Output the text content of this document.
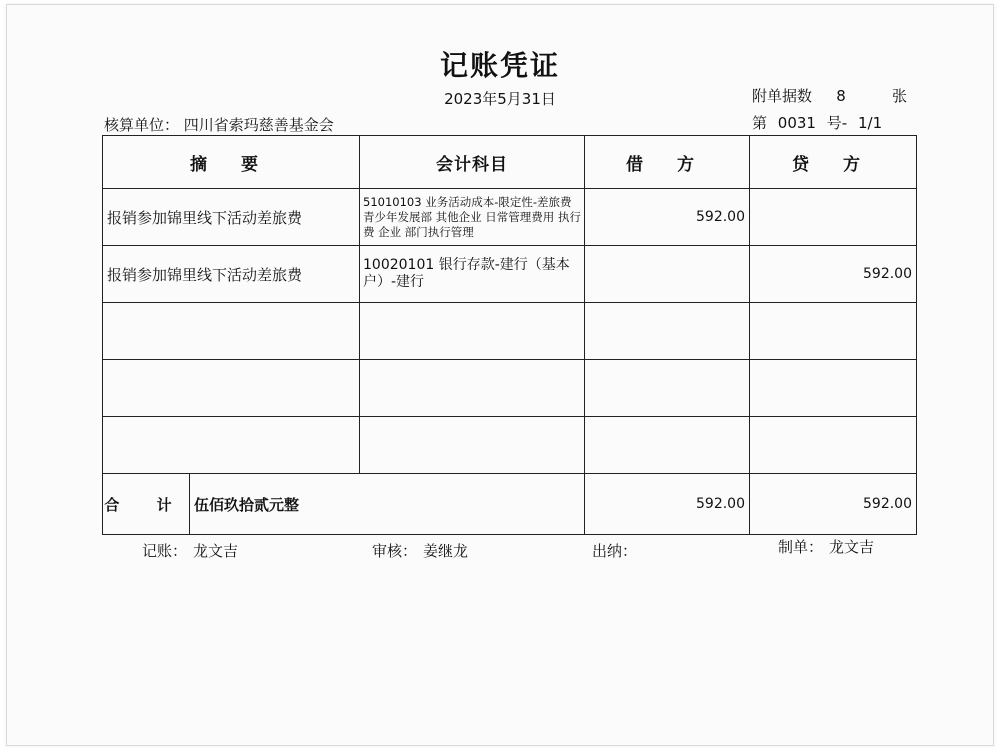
记账凭证
2023年5月31日	附单据数 8	张
核算单位： 四川省索玛慈善基金会	第 0031 号- 1/1
摘 要	会计科目	借 方	贷 方
报销参加锦里线下活动差旅费	51010103 业务活动成本-限定性-差旅费 青少年发展部 其他企业 日常管理费用 执行费 企业 部门执行管理	592.00	
报销参加锦里线下活动差旅费	10020101 银行存款-建行（基本户）-建行		592.00

合 计 伍佰玖拾贰元整		592.00	592.00
记账： 龙文吉	审核： 姜继龙	出纳：	制单： 龙文吉
